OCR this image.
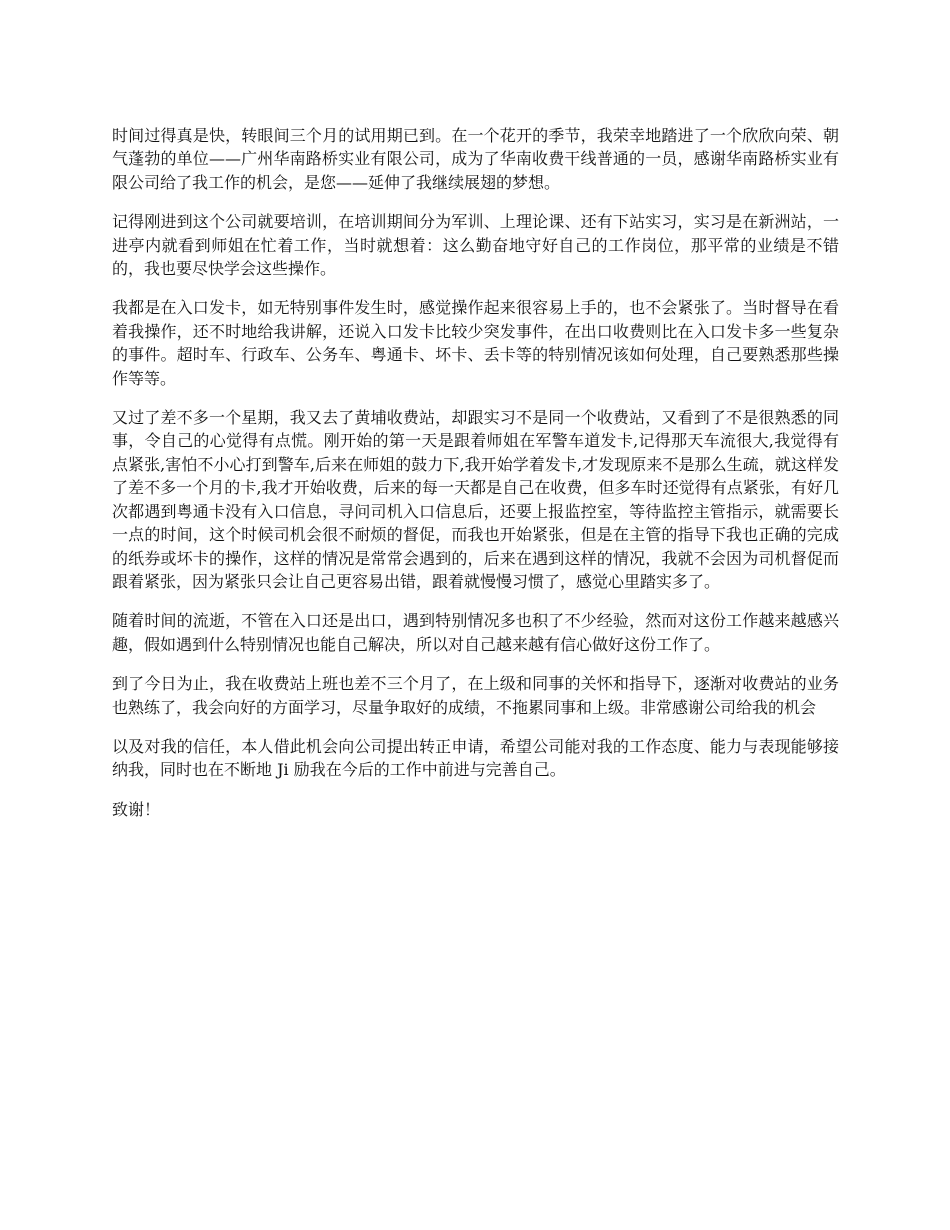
时间过得真是快，转眼间三个月的试用期已到。在一个花开的季节，我荣幸地踏进了一个欣欣向荣、朝气蓬勃的单位——广州华南路桥实业有限公司，成为了华南收费干线普通的一员，感谢华南路桥实业有限公司给了我工作的机会，是您——延伸了我继续展翅的梦想。

记得刚进到这个公司就要培训，在培训期间分为军训、上理论课、还有下站实习，实习是在新洲站，一进亭内就看到师姐在忙着工作，当时就想着：这么勤奋地守好自己的工作岗位，那平常的业绩是不错的，我也要尽快学会这些操作。

我都是在入口发卡，如无特别事件发生时，感觉操作起来很容易上手的，也不会紧张了。当时督导在看着我操作，还不时地给我讲解，还说入口发卡比较少突发事件，在出口收费则比在入口发卡多一些复杂的事件。超时车、行政车、公务车、粤通卡、坏卡、丢卡等的特别情况该如何处理，自己要熟悉那些操作等等。

又过了差不多一个星期，我又去了黄埔收费站，却跟实习不是同一个收费站，又看到了不是很熟悉的同事，令自己的心觉得有点慌。刚开始的第一天是跟着师姐在军警车道发卡,记得那天车流很大,我觉得有点紧张,害怕不小心打到警车,后来在师姐的鼓力下,我开始学着发卡,才发现原来不是那么生疏，就这样发了差不多一个月的卡,我才开始收费，后来的每一天都是自己在收费，但多车时还觉得有点紧张，有好几次都遇到粤通卡没有入口信息，寻问司机入口信息后，还要上报监控室，等待监控主管指示，就需要长一点的时间，这个时候司机会很不耐烦的督促，而我也开始紧张，但是在主管的指导下我也正确的完成的纸券或坏卡的操作，这样的情况是常常会遇到的，后来在遇到这样的情况，我就不会因为司机督促而跟着紧张，因为紧张只会让自己更容易出错，跟着就慢慢习惯了，感觉心里踏实多了。

随着时间的流逝，不管在入口还是出口，遇到特别情况多也积了不少经验，然而对这份工作越来越感兴趣，假如遇到什么特别情况也能自己解决，所以对自己越来越有信心做好这份工作了。

到了今日为止，我在收费站上班也差不三个月了，在上级和同事的关怀和指导下，逐渐对收费站的业务也熟练了，我会向好的方面学习，尽量争取好的成绩，不拖累同事和上级。非常感谢公司给我的机会

以及对我的信任，本人借此机会向公司提出转正申请，希望公司能对我的工作态度、能力与表现能够接纳我，同时也在不断地 Ji 励我在今后的工作中前进与完善自己。

致谢！
